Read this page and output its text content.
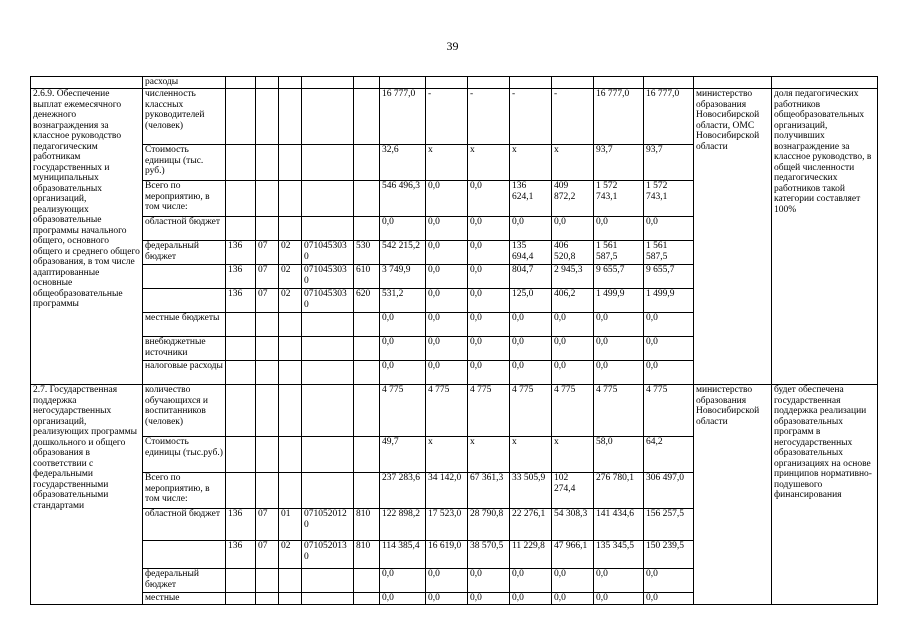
39
	расходы														
2.6.9. Обеспечение выплат ежемесячного денежного вознаграждения за классное руководство педагогическим работникам государственных и муниципальных образовательных организаций, реализующих образовательные программы начального общего, основного общего и среднего общего образования, в том числе адаптированные основные общеобразовательные программы	численность классных руководителей (человек)						16 777,0	-	-	-	-	16 777,0	16 777,0	министерство образования Новосибирской области, ОМС Новосибирской области	доля педагогических работников общеобразовательных организаций, получивших вознаграждение за классное руководство, в общей численности педагогических работников такой категории составляет 100%
	Стоимость единицы (тыс. руб.)						32,6	х	х	х	х	93,7	93,7		
	Всего по мероприятию, в том числе:						546 496,3	0,0	0,0	136 624,1	409 872,2	1 572 743,1	1 572 743,1		
	областной бюджет						0,0	0,0	0,0	0,0	0,0	0,0	0,0		
	федеральный бюджет	136	07	02	0710453030	530	542 215,2	0,0	0,0	135 694,4	406 520,8	1 561 587,5	1 561 587,5		
		136	07	02	0710453030	610	3 749,9	0,0	0,0	804,7	2 945,3	9 655,7	9 655,7		
		136	07	02	0710453030	620	531,2	0,0	0,0	125,0	406,2	1 499,9	1 499,9		
	местные бюджеты						0,0	0,0	0,0	0,0	0,0	0,0	0,0		
	внебюджетные источники						0,0	0,0	0,0	0,0	0,0	0,0	0,0		
	налоговые расходы						0,0	0,0	0,0	0,0	0,0	0,0	0,0		
2.7. Государственная поддержка негосударственных организаций, реализующих программы дошкольного и общего образования в соответствии с федеральными государственными образовательными стандартами	количество обучающихся и воспитанников (человек)						4 775	4 775	4 775	4 775	4 775	4 775	4 775	министерство образования Новосибирской области	будет обеспечена государственная поддержка реализации образовательных программ в негосударственных образовательных организациях на основе принципов нормативно-подушевого финансирования
	Стоимость единицы (тыс.руб.)						49,7	х	х	х	х	58,0	64,2		
	Всего по мероприятию, в том числе:						237 283,6	34 142,0	67 361,3	33 505,9	102 274,4	276 780,1	306 497,0		
	областной бюджет	136	07	01	0710520120	810	122 898,2	17 523,0	28 790,8	22 276,1	54 308,3	141 434,6	156 257,5		
		136	07	02	0710520130	810	114 385,4	16 619,0	38 570,5	11 229,8	47 966,1	135 345,5	150 239,5		
	федеральный бюджет						0,0	0,0	0,0	0,0	0,0	0,0	0,0		
	местные						0,0	0,0	0,0	0,0	0,0	0,0	0,0		
